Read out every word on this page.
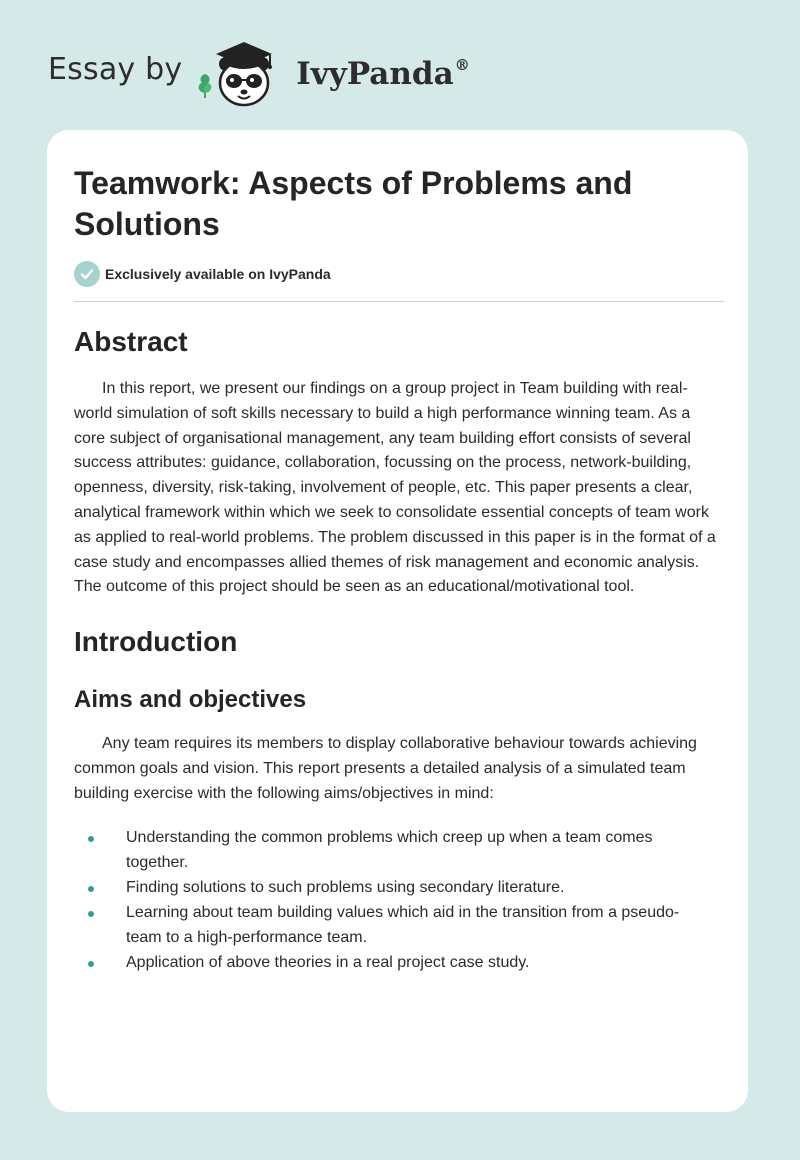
Essay by	IvyPanda®
Teamwork: Aspects of Problems and Solutions
Exclusively available on IvyPanda
Abstract

In this report, we present our findings on a group project in Team building with real-world simulation of soft skills necessary to build a high performance winning team. As a core subject of organisational management, any team building effort consists of several success attributes: guidance, collaboration, focussing on the process, network-building, openness, diversity, risk-taking, involvement of people, etc. This paper presents a clear, analytical framework within which we seek to consolidate essential concepts of team work as applied to real-world problems. The problem discussed in this paper is in the format of a case study and encompasses allied themes of risk management and economic analysis. The outcome of this project should be seen as an educational/motivational tool.

Introduction
Aims and objectives

Any team requires its members to display collaborative behaviour towards achieving common goals and vision. This report presents a detailed analysis of a simulated team building exercise with the following aims/objectives in mind:

Understanding the common problems which creep up when a team comes together.
Finding solutions to such problems using secondary literature.
Learning about team building values which aid in the transition from a pseudo-team to a high-performance team.
Application of above theories in a real project case study.
